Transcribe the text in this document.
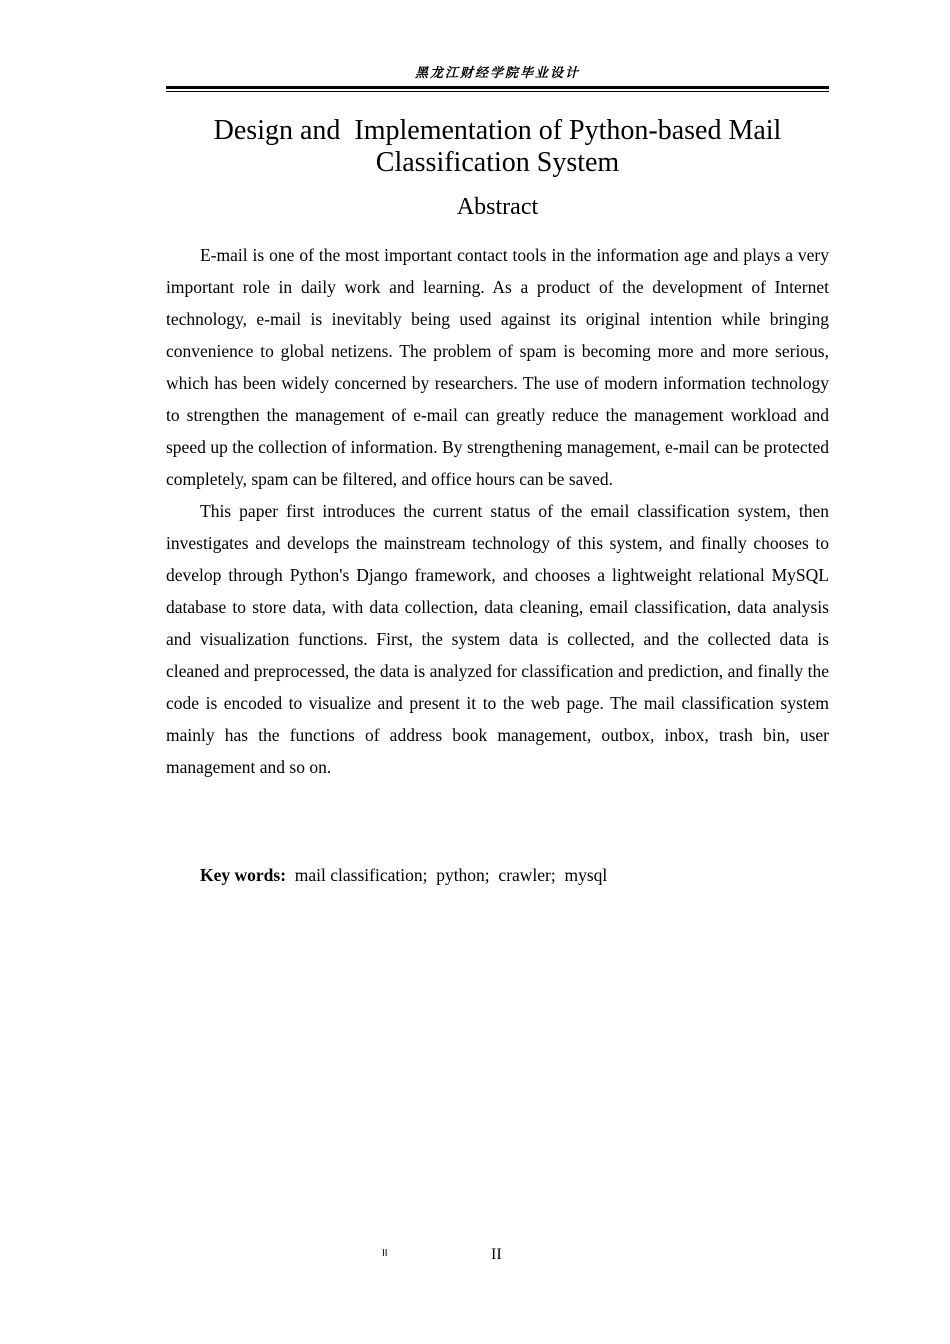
黑龙江财经学院毕业设计
Design and  Implementation of Python-based Mail
Classification System
Abstract

E-mail is one of the most important contact tools in the information age and plays a very important role in daily work and learning. As a product of the development of Internet technology, e-mail is inevitably being used against its original intention while bringing convenience to global netizens. The problem of spam is becoming more and more serious, which has been widely concerned by researchers. The use of modern information technology to strengthen the management of e-mail can greatly reduce the management workload and speed up the collection of information. By strengthening management, e-mail can be protected completely, spam can be filtered, and office hours can be saved.

This paper first introduces the current status of the email classification system, then investigates and develops the mainstream technology of this system, and finally chooses to develop through Python's Django framework, and chooses a lightweight relational MySQL database to store data, with data collection, data cleaning, email classification, data analysis and visualization functions. First, the system data is collected, and the collected data is cleaned and preprocessed, the data is analyzed for classification and prediction, and finally the code is encoded to visualize and present it to the web page. The mail classification system mainly has the functions of address book management, outbox, inbox, trash bin, user management and so on.

Key words:  mail classification;  python;  crawler;  mysql
II	II
